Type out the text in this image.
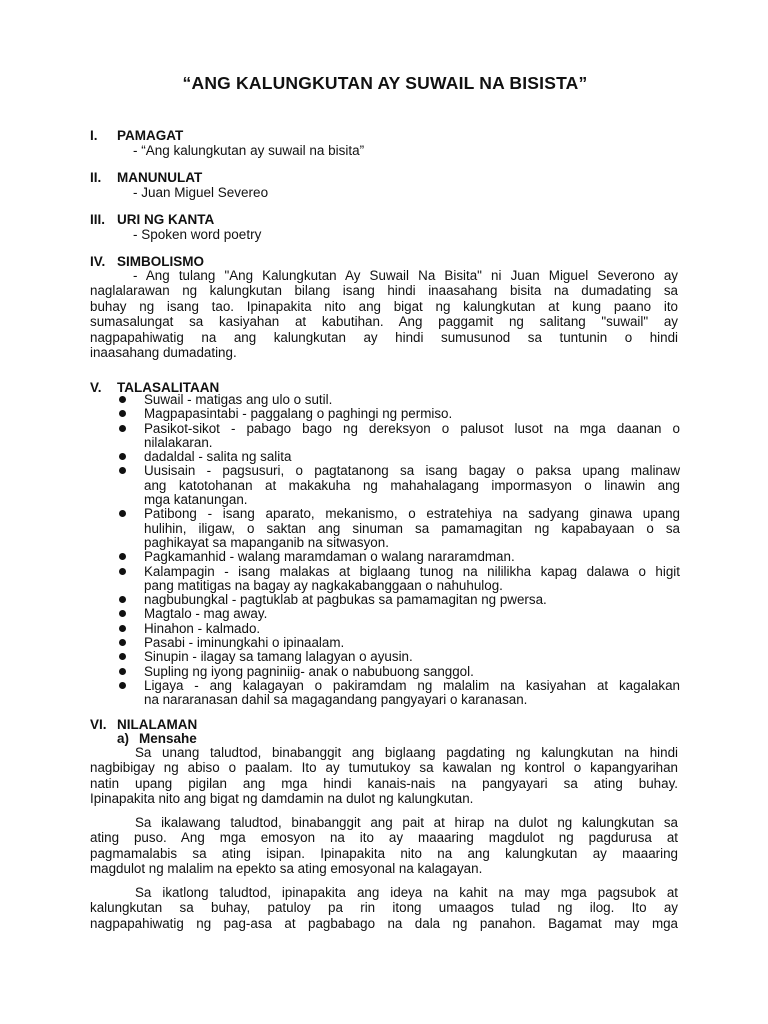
“ANG KALUNGKUTAN AY SUWAIL NA BISISTA”
I. PAMAGAT
- “Ang kalungkutan ay suwail na bisita”
II. MANUNULAT
- Juan Miguel Severeo
III. URI NG KANTA
- Spoken word poetry
IV. SIMBOLISMO
- Ang tulang "Ang Kalungkutan Ay Suwail Na Bisita" ni Juan Miguel Severono ay
naglalarawan ng kalungkutan bilang isang hindi inaasahang bisita na dumadating sa
buhay ng isang tao. Ipinapakita nito ang bigat ng kalungkutan at kung paano ito
sumasalungat sa kasiyahan at kabutihan. Ang paggamit ng salitang "suwail" ay
nagpapahiwatig na ang kalungkutan ay hindi sumusunod sa tuntunin o hindi
inaasahang dumadating.
V. TALASALITAAN
Suwail - matigas ang ulo o sutil.
Magpapasintabi - paggalang o paghingi ng permiso.
Pasikot-sikot - pabago bago ng dereksyon o palusot lusot na mga daanan o
nilalakaran.
dadaldal - salita ng salita
Uusisain - pagsusuri, o pagtatanong sa isang bagay o paksa upang malinaw
ang katotohanan at makakuha ng mahahalagang impormasyon o linawin ang
mga katanungan.
Patibong - isang aparato, mekanismo, o estratehiya na sadyang ginawa upang
hulihin, iligaw, o saktan ang sinuman sa pamamagitan ng kapabayaan o sa
paghikayat sa mapanganib na sitwasyon.
Pagkamanhid - walang maramdaman o walang nararamdman.
Kalampagin - isang malakas at biglaang tunog na nililikha kapag dalawa o higit
pang matitigas na bagay ay nagkakabanggaan o nahuhulog.
nagbubungkal - pagtuklab at pagbukas sa pamamagitan ng pwersa.
Magtalo - mag away.
Hinahon - kalmado.
Pasabi - iminungkahi o ipinaalam.
Sinupin - ilagay sa tamang lalagyan o ayusin.
Supling ng iyong pagniniig- anak o nabubuong sanggol.
Ligaya - ang kalagayan o pakiramdam ng malalim na kasiyahan at kagalakan
na nararanasan dahil sa magagandang pangyayari o karanasan.
VI. NILALAMAN
a) Mensahe
Sa unang taludtod, binabanggit ang biglaang pagdating ng kalungkutan na hindi
nagbibigay ng abiso o paalam. Ito ay tumutukoy sa kawalan ng kontrol o kapangyarihan
natin upang pigilan ang mga hindi kanais-nais na pangyayari sa ating buhay.
Ipinapakita nito ang bigat ng damdamin na dulot ng kalungkutan.
Sa ikalawang taludtod, binabanggit ang pait at hirap na dulot ng kalungkutan sa
ating puso. Ang mga emosyon na ito ay maaaring magdulot ng pagdurusa at
pagmamalabis sa ating isipan. Ipinapakita nito na ang kalungkutan ay maaaring
magdulot ng malalim na epekto sa ating emosyonal na kalagayan.
Sa ikatlong taludtod, ipinapakita ang ideya na kahit na may mga pagsubok at
kalungkutan sa buhay, patuloy pa rin itong umaagos tulad ng ilog. Ito ay
nagpapahiwatig ng pag-asa at pagbabago na dala ng panahon. Bagamat may mga
